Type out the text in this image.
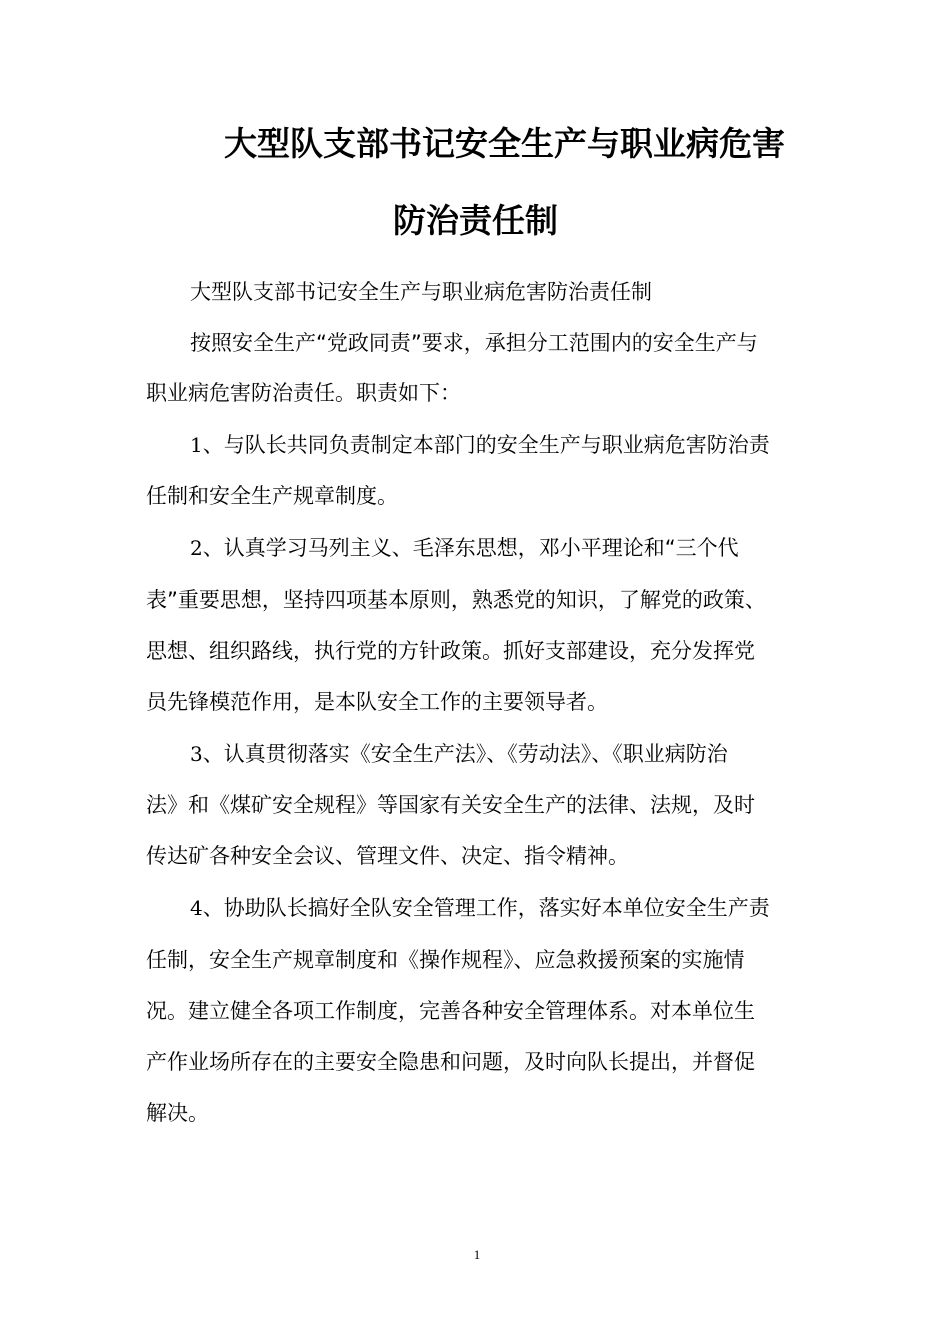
大型队支部书记安全生产与职业病危害
防治责任制
大型队支部书记安全生产与职业病危害防治责任制
按照安全生产“党政同责”要求，承担分工范围内的安全生产与
职业病危害防治责任。职责如下：
1、与队长共同负责制定本部门的安全生产与职业病危害防治责
任制和安全生产规章制度。
2、认真学习马列主义、毛泽东思想，邓小平理论和“三个代
表”重要思想，坚持四项基本原则，熟悉党的知识，了解党的政策、
思想、组织路线，执行党的方针政策。抓好支部建设，充分发挥党
员先锋模范作用，是本队安全工作的主要领导者。
3、认真贯彻落实《安全生产法》、《劳动法》、《职业病防治
法》和《煤矿安全规程》等国家有关安全生产的法律、法规，及时
传达矿各种安全会议、管理文件、决定、指令精神。
4、协助队长搞好全队安全管理工作，落实好本单位安全生产责
任制，安全生产规章制度和《操作规程》、应急救援预案的实施情
况。建立健全各项工作制度，完善各种安全管理体系。对本单位生
产作业场所存在的主要安全隐患和问题，及时向队长提出，并督促
解决。
1
